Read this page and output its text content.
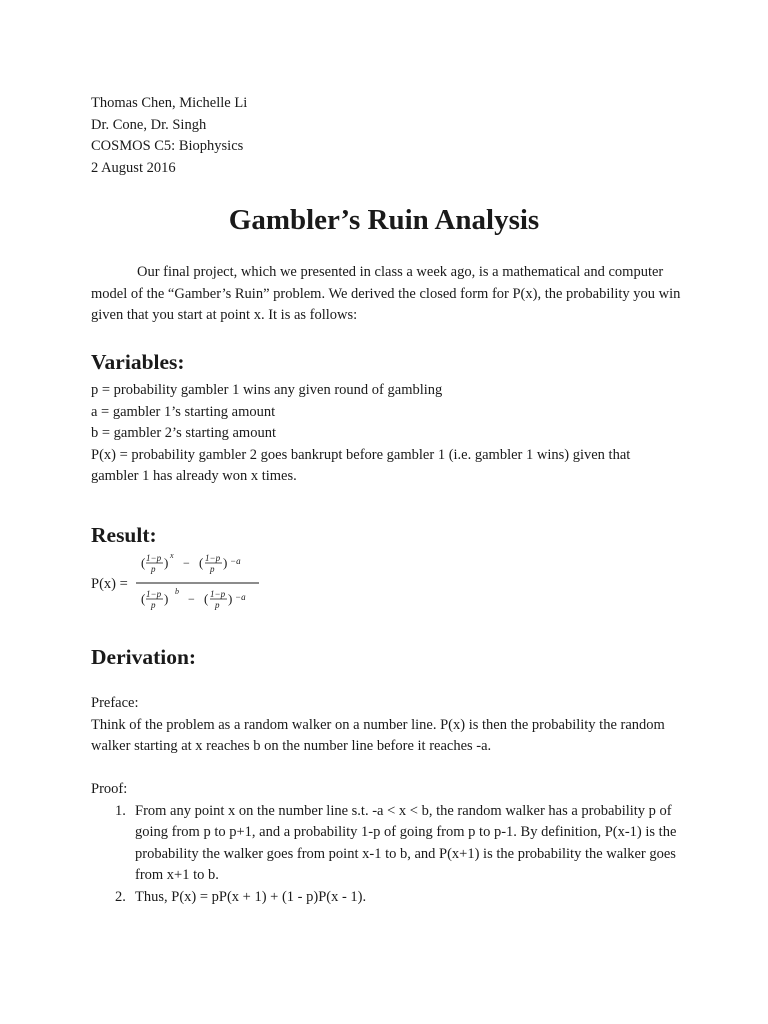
Thomas Chen, Michelle Li
Dr. Cone, Dr. Singh
COSMOS C5: Biophysics
2 August 2016
Gambler’s Ruin Analysis

Our final project, which we presented in class a week ago, is a mathematical and computer model of the “Gamber’s Ruin” problem. We derived the closed form for P(x), the probability you win given that you start at point x. It is as follows:

Variables:
p = probability gambler 1 wins any given round of gambling
a = gambler 1’s starting amount
b = gambler 2’s starting amount
P(x) = probability gambler 2 goes bankrupt before gambler 1 (i.e. gambler 1 wins) given that gambler 1 has already won x times.
Result:
P(x) =
( 1−p
p ) x
− ( 1−p
p ) −a
( 1−p
p ) b
− ( 1−p
p ) −a
Derivation:
Preface:
Think of the problem as a random walker on a number line. P(x) is then the probability the random walker starting at x reaches b on the number line before it reaches -a.
Proof:
1. From any point x on the number line s.t. -a < x < b, the random walker has a probability p of going from p to p+1, and a probability 1-p of going from p to p-1. By definition, P(x-1) is the probability the walker goes from point x-1 to b, and P(x+1) is the probability the walker goes from x+1 to b.
2. Thus, P(x) = pP(x + 1) + (1 - p)P(x - 1).
